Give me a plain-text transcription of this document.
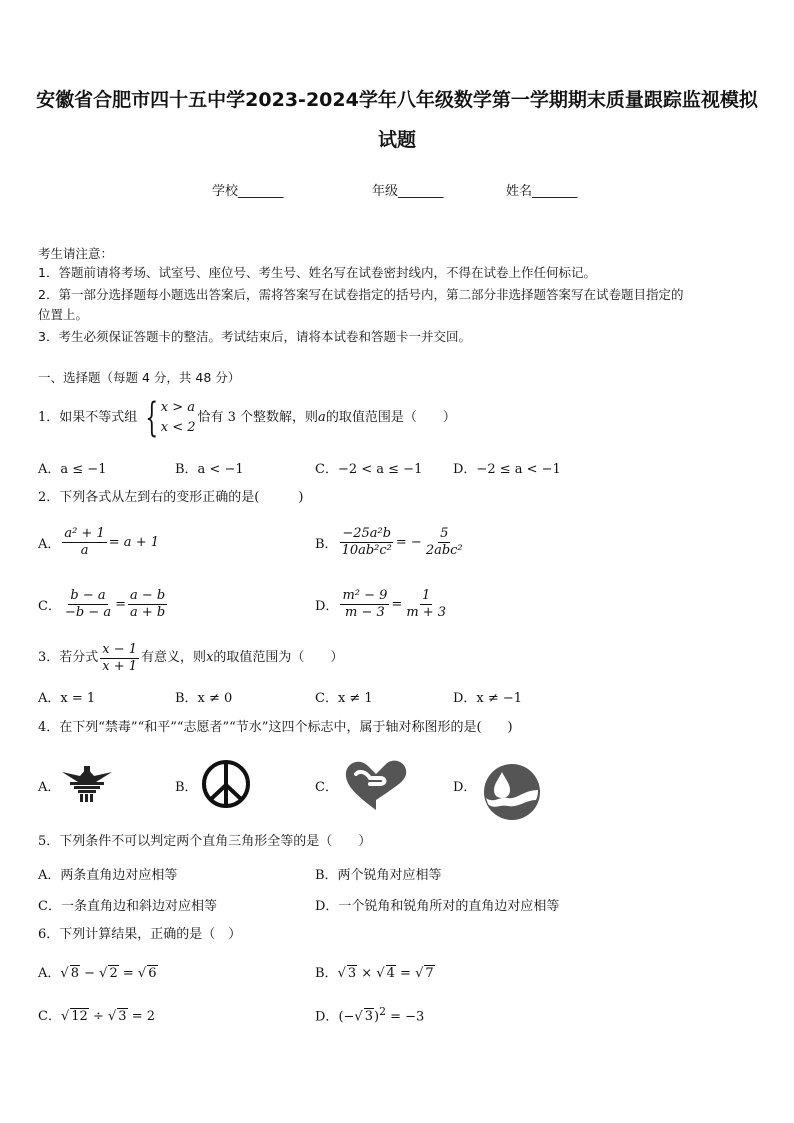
安徽省合肥市四十五中学2023-2024学年八年级数学第一学期期末质量跟踪监视模拟
试题
学校_______	年级_______	姓名_______
考生请注意：
1．答题前请将考场、试室号、座位号、考生号、姓名写在试卷密封线内，不得在试卷上作任何标记。
2．第一部分选择题每小题选出答案后，需将答案写在试卷指定的括号内，第二部分非选择题答案写在试卷题目指定的
位置上。
3．考生必须保证答题卡的整洁。考试结束后，请将本试卷和答题卡一并交回。
一、选择题（每题 4 分，共 48 分）
1．如果不等式组 { x > a
x < 2
恰有 3 个整数解，则 a 的取值范围是（　　）
A．a ≤ −1	B．a < −1	C．−2 < a ≤ −1 D．−2 ≤ a < −1
2．下列各式从左到右的变形正确的是(　　　)
A． $\frac{\text{a² + 1}}{a} = a + 1$	B． $\frac{\text{−25a²b}}{\text{10ab²c²}}$ = − $\frac{5}{\text{2abc²}}$
C． $\frac{b - a}{-b - a} = \frac{a - b}{a + b}$	D． $\frac{\text{m² − 9}}{m - 3} = \frac{1}{m + 3}$
3．若分式 $\frac{x - 1}{x + 1}$ 有意义，则 x 的取值范围为（　　）
A．x = 1	B．x ≠ 0	C．x ≠ 1	D．x ≠ −1
4．在下列“禁毒”“和平”“志愿者”“节水”这四个标志中，属于轴对称图形的是(　　)
A．	B．	C．	D．
5．下列条件不可以判定两个直角三角形全等的是（　　）
A．两条直角边对应相等	B．两个锐角对应相等
C．一条直角边和斜边对应相等	D．一个锐角和锐角所对的直角边对应相等
6．下列计算结果，正确的是（　）
A．√ 8 − √ 2 = √ 6	B．√ 3 × √ 4 = √ 7
C．√ 12 ÷ √ 3 = 2	D．(−√ 3)$^2$ = −3
